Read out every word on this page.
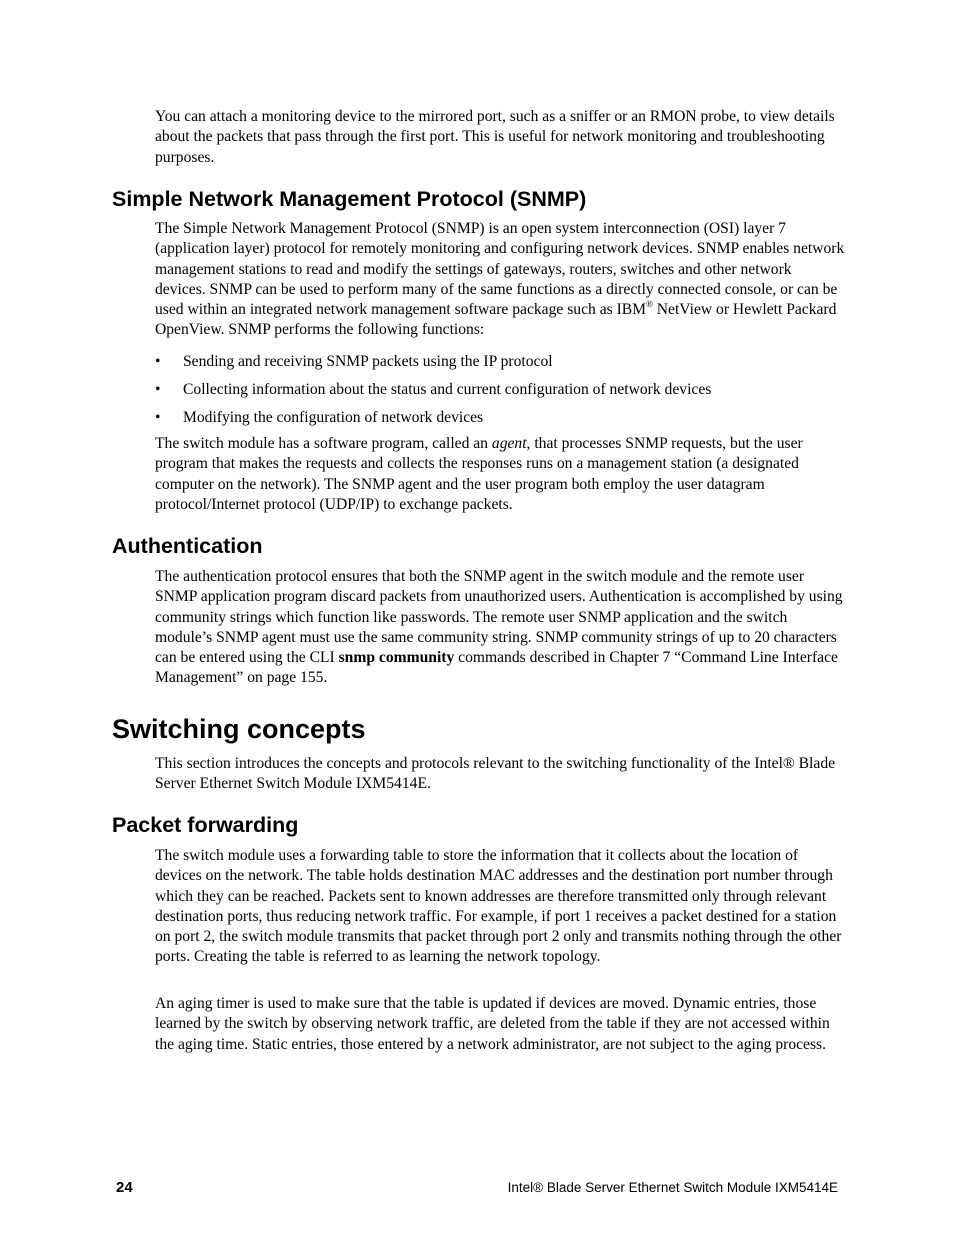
You can attach a monitoring device to the mirrored port, such as a sniffer or an RMON probe, to view details about the packets that pass through the first port. This is useful for network monitoring and troubleshooting purposes.

Simple Network Management Protocol (SNMP)

The Simple Network Management Protocol (SNMP) is an open system interconnection (OSI) layer 7 (application layer) protocol for remotely monitoring and configuring network devices. SNMP enables network management stations to read and modify the settings of gateways, routers, switches and other network devices. SNMP can be used to perform many of the same functions as a directly connected console, or can be used within an integrated network management software package such as IBM® NetView or Hewlett Packard OpenView. SNMP performs the following functions:

• Sending and receiving SNMP packets using the IP protocol
• Collecting information about the status and current configuration of network devices
• Modifying the configuration of network devices

The switch module has a software program, called an agent, that processes SNMP requests, but the user program that makes the requests and collects the responses runs on a management station (a designated computer on the network). The SNMP agent and the user program both employ the user datagram protocol/Internet protocol (UDP/IP) to exchange packets.

Authentication

The authentication protocol ensures that both the SNMP agent in the switch module and the remote user SNMP application program discard packets from unauthorized users. Authentication is accomplished by using community strings which function like passwords. The remote user SNMP application and the switch module’s SNMP agent must use the same community string. SNMP community strings of up to 20 characters can be entered using the CLI snmp community commands described in Chapter 7 “Command Line Interface Management” on page 155.

Switching concepts

This section introduces the concepts and protocols relevant to the switching functionality of the Intel® Blade Server Ethernet Switch Module IXM5414E.

Packet forwarding

The switch module uses a forwarding table to store the information that it collects about the location of devices on the network. The table holds destination MAC addresses and the destination port number through which they can be reached. Packets sent to known addresses are therefore transmitted only through relevant destination ports, thus reducing network traffic. For example, if port 1 receives a packet destined for a station on port 2, the switch module transmits that packet through port 2 only and transmits nothing through the other ports. Creating the table is referred to as learning the network topology.

An aging timer is used to make sure that the table is updated if devices are moved. Dynamic entries, those learned by the switch by observing network traffic, are deleted from the table if they are not accessed within the aging time. Static entries, those entered by a network administrator, are not subject to the aging process.

24	Intel® Blade Server Ethernet Switch Module IXM5414E
